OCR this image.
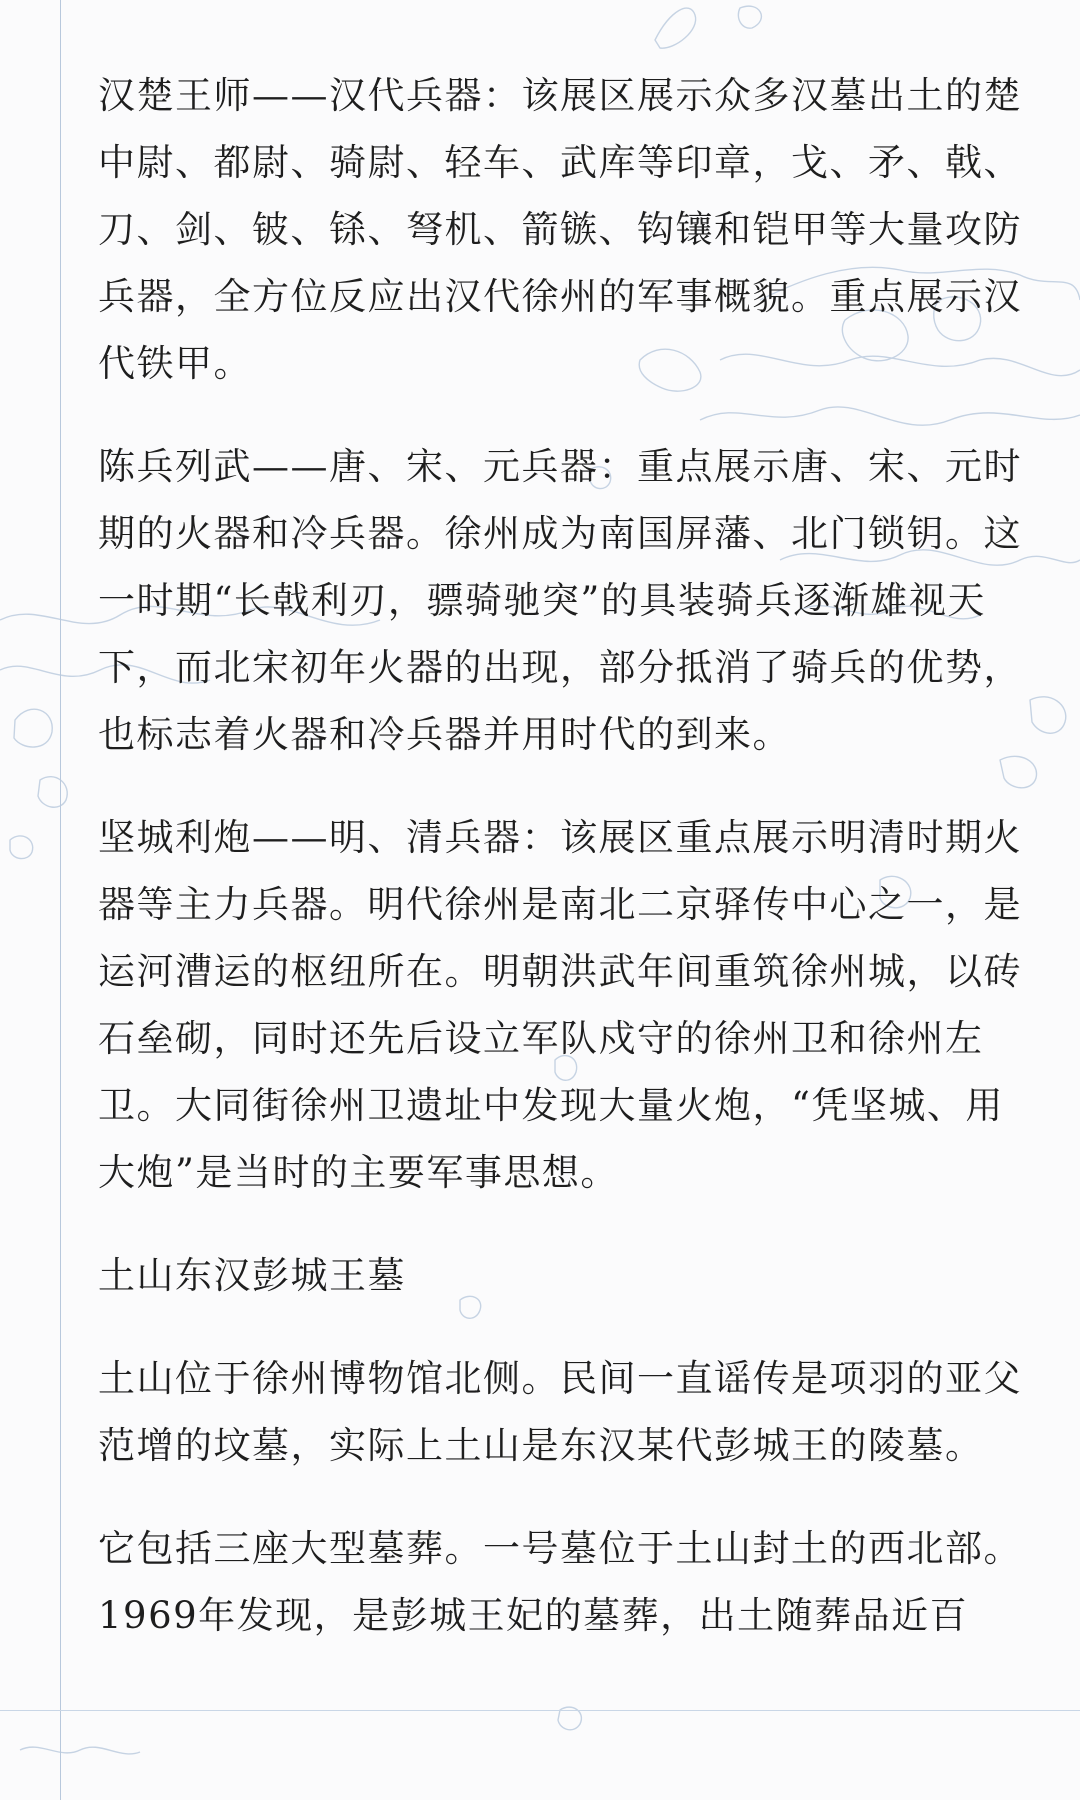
汉楚王师——汉代兵器：该展区展示众多汉墓出土的楚
中尉、都尉、骑尉、轻车、武库等印章，戈、矛、戟、
刀、剑、铍、铩、弩机、箭镞、钩镶和铠甲等大量攻防
兵器，全方位反应出汉代徐州的军事概貌。重点展示汉
代铁甲。

陈兵列武——唐、宋、元兵器：重点展示唐、宋、元时
期的火器和冷兵器。徐州成为南国屏藩、北门锁钥。这
一时期“长戟利刃，骠骑驰突”的具装骑兵逐渐雄视天
下，而北宋初年火器的出现，部分抵消了骑兵的优势，
也标志着火器和冷兵器并用时代的到来。

坚城利炮——明、清兵器：该展区重点展示明清时期火
器等主力兵器。明代徐州是南北二京驿传中心之一，是
运河漕运的枢纽所在。明朝洪武年间重筑徐州城，以砖
石垒砌，同时还先后设立军队戍守的徐州卫和徐州左
卫。大同街徐州卫遗址中发现大量火炮，“凭坚城、用
大炮”是当时的主要军事思想。

土山东汉彭城王墓

土山位于徐州博物馆北侧。民间一直谣传是项羽的亚父
范增的坟墓，实际上土山是东汉某代彭城王的陵墓。

它包括三座大型墓葬。一号墓位于土山封土的西北部。
1969年发现，是彭城王妃的墓葬，出土随葬品近百
